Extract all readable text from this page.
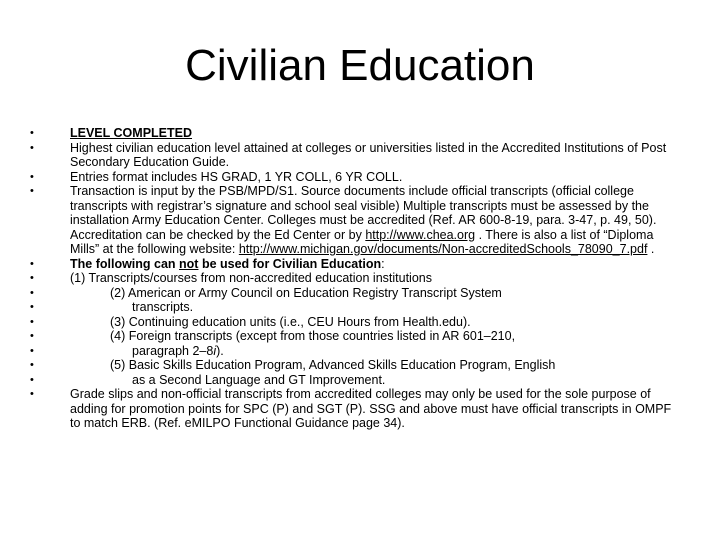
Civilian Education
•	LEVEL COMPLETED
•	Highest civilian education level attained at colleges or universities listed in the Accredited Institutions of Post Secondary Education Guide.
•	Entries format includes HS GRAD, 1 YR COLL, 6 YR COLL.
•	Transaction is input by the PSB/MPD/S1. Source documents include official transcripts (official college transcripts with registrar’s signature and school seal visible) Multiple transcripts must be assessed by the installation Army Education Center. Colleges must be accredited (Ref. AR 600-8-19, para. 3-47, p. 49, 50). Accreditation can be checked by the Ed Center or by http://www.chea.org . There is also a list of “Diploma Mills” at the following website: http://www.michigan.gov/documents/Non-accreditedSchools_78090_7.pdf .
•	The following can not be used for Civilian Education:
•	(1) Transcripts/courses from non-accredited education institutions
•	(2) American or Army Council on Education Registry Transcript System
•	transcripts.
•	(3) Continuing education units (i.e., CEU Hours from Health.edu).
•	(4) Foreign transcripts (except from those countries listed in AR 601–210,
•	paragraph 2–8i).
•	(5) Basic Skills Education Program, Advanced Skills Education Program, English
•	as a Second Language and GT Improvement.
•	Grade slips and non-official transcripts from accredited colleges may only be used for the sole purpose of adding for promotion points for SPC (P) and SGT (P). SSG and above must have official transcripts in OMPF to match ERB. (Ref. eMILPO Functional Guidance page 34).
